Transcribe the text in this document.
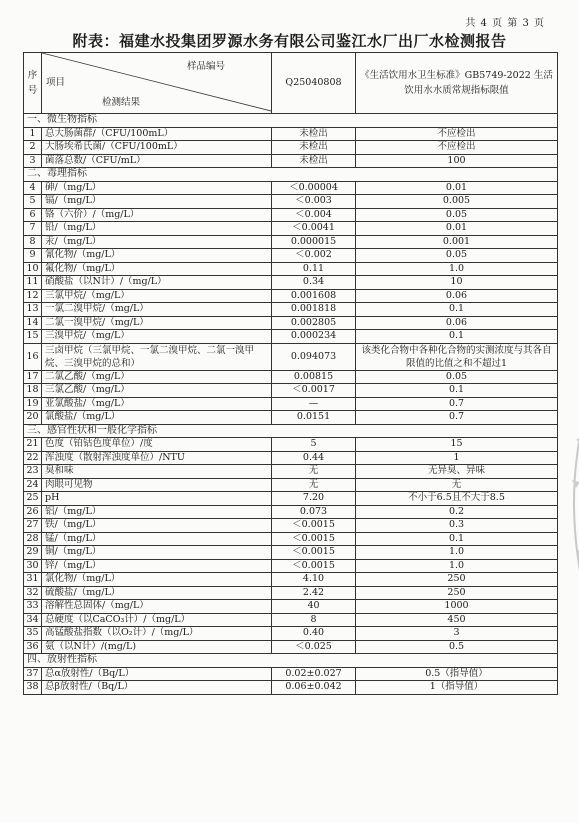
共 4 页 第 3 页
附表：福建水投集团罗源水务有限公司鉴江水厂出厂水检测报告
序号	样品编号
项目
检测结果	Q25040808	《生活饮用水卫生标准》GB5749-2022 生活饮用水水质常规指标限值
一、微生物指标			
1	总大肠菌群/（CFU/100mL）	未检出	不应检出
2	大肠埃希氏菌/（CFU/100mL）	未检出	不应检出
3	菌落总数/（CFU/mL）	未检出	100
二、毒理指标			
4	砷/（mg/L）	＜0.00004	0.01
5	镉/（mg/L）	＜0.003	0.005
6	铬（六价）/（mg/L）	＜0.004	0.05
7	铅/（mg/L）	＜0.0041	0.01
8	汞/（mg/L）	0.000015	0.001
9	氰化物/（mg/L）	＜0.002	0.05
10	氟化物/（mg/L）	0.11	1.0
11	硝酸盐（以N计）/（mg/L）	0.34	10
12	三氯甲烷/（mg/L）	0.001608	0.06
13	一氯二溴甲烷/（mg/L）	0.001818	0.1
14	二氯一溴甲烷/（mg/L）	0.002805	0.06
15	三溴甲烷/（mg/L）	0.000234	0.1
16	三卤甲烷（三氯甲烷、一氯二溴甲烷、二氯一溴甲烷、三溴甲烷的总和）	0.094073	该类化合物中各种化合物的实测浓度与其各自限值的比值之和不超过1
17	二氯乙酸/（mg/L）	0.00815	0.05
18	三氯乙酸/（mg/L）	＜0.0017	0.1
19	亚氯酸盐/（mg/L）	—	0.7
20	氯酸盐/（mg/L）	0.0151	0.7
三、感官性状和一般化学指标			
21	色度（铂钴色度单位）/度	5	15
22	浑浊度（散射浑浊度单位）/NTU	0.44	1
23	臭和味	无	无异臭、异味
24	肉眼可见物	无	无
25	pH	7.20	不小于6.5且不大于8.5
26	铝/（mg/L）	0.073	0.2
27	铁/（mg/L）	＜0.0015	0.3
28	锰/（mg/L）	＜0.0015	0.1
29	铜/（mg/L）	＜0.0015	1.0
30	锌/（mg/L）	＜0.0015	1.0
31	氯化物/（mg/L）	4.10	250
32	硫酸盐/（mg/L）	2.42	250
33	溶解性总固体/（mg/L）	40	1000
34	总硬度（以CaCO₃计）/（mg/L）	8	450
35	高锰酸盐指数（以O₂计）/（mg/L）	0.40	3
36	氨（以N计）/(mg/L)	＜0.025	0.5
四、放射性指标			
37	总α放射性/（Bq/L）	0.02±0.027	0.5（指导值）
38	总β放射性/（Bq/L）	0.06±0.042	1（指导值）
